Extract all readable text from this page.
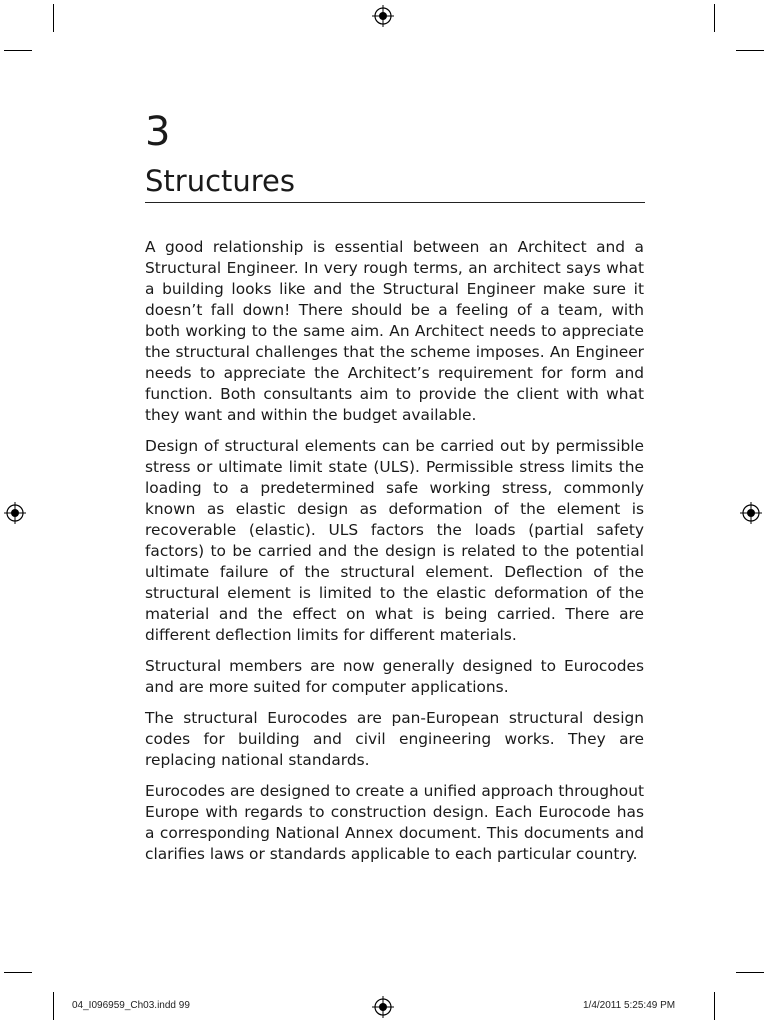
3
Structures

A good relationship is essential between an Architect and a Structural Engineer. In very rough terms, an architect says what a building looks like and the Structural Engineer make sure it doesn’t fall down! There should be a feeling of a team, with both working to the same aim. An Architect needs to appreciate the structural challenges that the scheme imposes. An Engineer needs to appreciate the Architect’s requirement for form and function. Both consultants aim to provide the client with what they want and within the budget available.

Design of structural elements can be carried out by permissible stress or ultimate limit state (ULS). Permissible stress limits the loading to a predetermined safe working stress, commonly known as elastic design as deformation of the element is recoverable (elastic). ULS factors the loads (partial safety factors) to be carried and the design is related to the potential ultimate failure of the structural element. Deflection of the structural element is limited to the elastic deformation of the material and the effect on what is being carried. There are different deflection limits for different materials.

Structural members are now generally designed to Eurocodes and are more suited for computer applications.

The structural Eurocodes are pan-European structural design codes for building and civil engineering works. They are replacing national standards.

Eurocodes are designed to create a unified approach throughout Europe with regards to construction design. Each Eurocode has a corresponding National Annex document. This documents and clarifies laws or standards applicable to each particular country.

04_I096959_Ch03.indd 99	1/4/2011 5:25:49 PM
